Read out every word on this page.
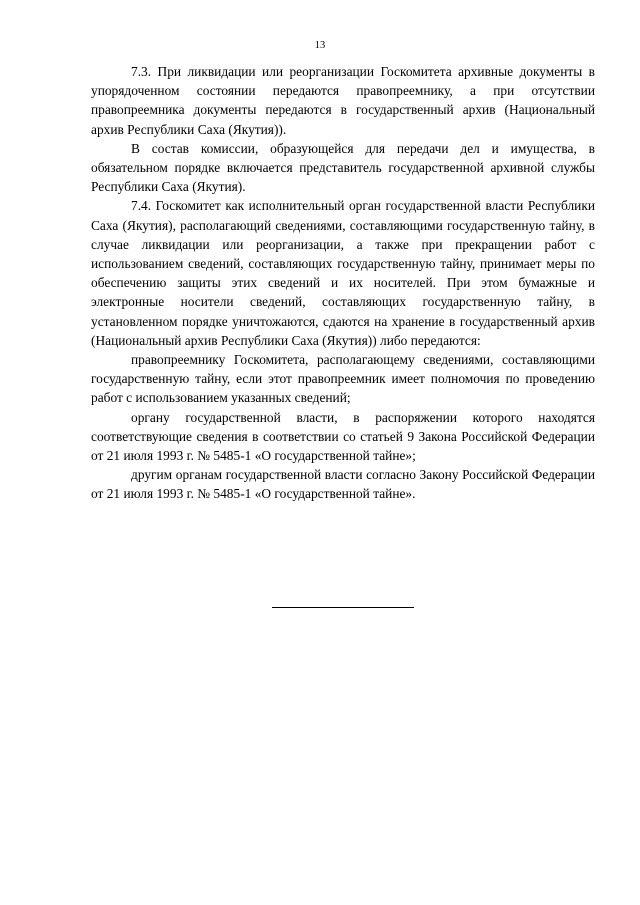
13

7.3. При ликвидации или реорганизации Госкомитета архивные документы в упорядоченном состоянии передаются правопреемнику, а при отсутствии правопреемника документы передаются в государственный архив (Национальный архив Республики Саха (Якутия)).

В состав комиссии, образующейся для передачи дел и имущества, в обязательном порядке включается представитель государственной архивной службы Республики Саха (Якутия).

7.4. Госкомитет как исполнительный орган государственной власти Республики Саха (Якутия), располагающий сведениями, составляющими государственную тайну, в случае ликвидации или реорганизации, а также при прекращении работ с использованием сведений, составляющих государственную тайну, принимает меры по обеспечению защиты этих сведений и их носителей. При этом бумажные и электронные носители сведений, составляющих государственную тайну, в установленном порядке уничтожаются, сдаются на хранение в государственный архив (Национальный архив Республики Саха (Якутия)) либо передаются:

правопреемнику Госкомитета, располагающему сведениями, составляющими государственную тайну, если этот правопреемник имеет полномочия по проведению работ с использованием указанных сведений;

органу государственной власти, в распоряжении которого находятся соответствующие сведения в соответствии со статьей 9 Закона Российской Федерации от 21 июля 1993 г. № 5485-1 «О государственной тайне»;

другим органам государственной власти согласно Закону Российской Федерации от 21 июля 1993 г. № 5485-1 «О государственной тайне».
